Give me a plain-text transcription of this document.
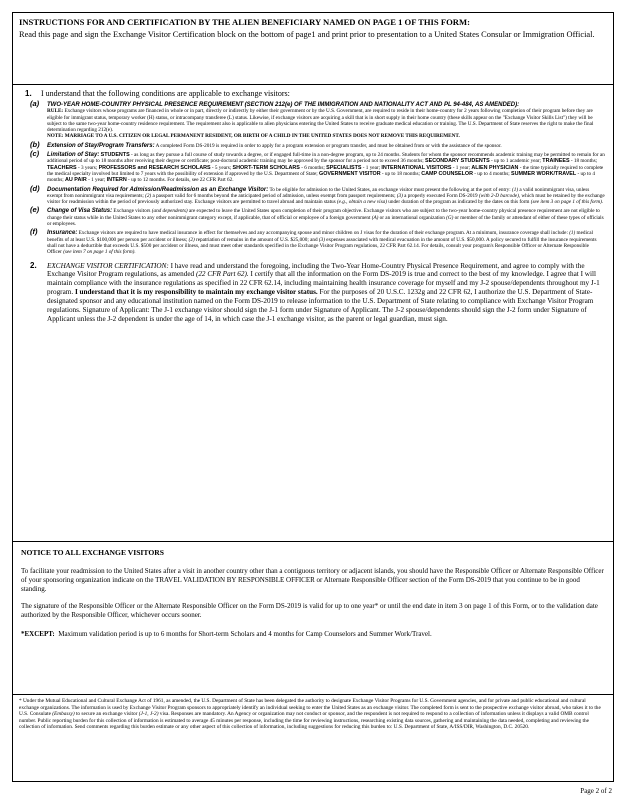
INSTRUCTIONS FOR AND CERTIFICATION BY THE ALIEN BENEFICIARY NAMED ON PAGE 1 OF THIS FORM:
Read this page and sign the Exchange Visitor Certification block on the bottom of page1 and print prior to presentation to a United States Consular or Immigration Official.
1. I understand that the following conditions are applicable to exchange visitors:
(a) TWO-YEAR HOME-COUNTRY PHYSICAL PRESENCE REQUIREMENT (SECTION 212(e) OF THE IMMIGRATION AND NATIONALITY ACT AND PL 94-484, AS AMENDED):
RULE: Exchange visitors whose programs are financed in whole or in part, directly or indirectly by either their government or by the U.S. Government, are required to reside in their home-country for 2 years following completion of their program before they are eligible for immigrant status, temporary worker (H) status, or intracompany transferee (L) status. Likewise, if exchange visitors are acquiring a skill that is in short supply in their home country (these skills appear on the "Exchange Visitor Skills List") they will be subject to the same two-year home-country residence requirement. The requirement also is applicable to alien physicians entering the United States to receive graduate medical education or training. The U.S. Department of State reserves the right to make the final determination regarding 212(e).
NOTE: MARRIAGE TO A U.S. CITIZEN OR LEGAL PERMANENT RESIDENT, OR BIRTH OF A CHILD IN THE UNITED STATES DOES NOT REMOVE THIS REQUIREMENT.
(b) Extension of Stay/Program Transfers: A completed Form DS-2019 is required in order to apply for a program extension or program transfer, and must be obtained from or with the assistance of the sponsor.
(c) Limitation of Stay: STUDENTS - as long as they pursue a full course of study towards a degree, or if engaged full-time in a non-degree program, up to 24 months. Students for whom the sponsor recommends academic training may be permitted to remain for an additional period of up to 18 months after receiving their degree or certificate; post-doctoral academic training may be approved by the sponsor for a period not to exceed 36 months; SECONDARY STUDENTS - up to 1 academic year; TRAINEES - 18 months; TEACHERS - 3 years; PROFESSORS and RESEARCH SCHOLARS - 5 years; SHORT-TERM SCHOLARS - 6 months; SPECIALISTS - 1 year; INTERNATIONAL VISITORS - 1 year; ALIEN PHYSICIAN - the time typically required to complete the medical specialty involved but limited to 7 years with the possibility of extension if approved by the U.S. Department of State; GOVERNMENT VISITOR - up to 18 months; CAMP COUNSELOR - up to 4 months; SUMMER WORK/TRAVEL - up to 4 months; AU PAIR - 1 year; INTERN - up to 12 months. For details, see 22 CFR Part 62.
(d) Documentation Required for Admission/Readmission as an Exchange Visitor: To be eligible for admission to the United States, an exchange visitor must present the following at the port of entry: (1) a valid nonimmigrant visa, unless exempt from nonimmigrant visa requirements; (2) a passport valid for 6 months beyond the anticipated period of admission, unless exempt from passport requirements; (3) a properly executed Form DS-2019 (with 2-D barcode), which must be retained by the exchange visitor for readmission within the period of previously authorized stay. Exchange visitors are permitted to travel abroad and maintain status (e.g., obtain a new visa) under duration of the program as indicated by the dates on this form (see item 3 on page 1 of this form).
(e) Change of Visa Status: Exchange visitors (and dependents) are expected to leave the United States upon completion of their program objective. Exchange visitors who are subject to the two-year home-country physical presence requirement are not eligible to change their status while in the United States to any other nonimmigrant category except, if applicable, that of official or employee of a foreign government (A) or an international organization (G) or member of the family or attendant of either of these types of officials or employees.
(f) Insurance: Exchange visitors are required to have medical insurance in effect for themselves and any accompanying spouse and minor children on J visas for the duration of their exchange program. At a minimum, insurance coverage shall include: (1) medical benefits of at least U.S. $100,000 per person per accident or illness; (2) repatriation of remains in the amount of U.S. $25,000; and (3) expenses associated with medical evacuation in the amount of U.S. $50,000. A policy secured to fulfill the insurance requirements shall not have a deductible that exceeds U.S. $500 per accident or illness, and must meet other standards specified in the Exchange Visitor Program regulations, 22 CFR Part 62.14. For details, consult your program's Responsible Officer or Alternate Responsible Officer (see item 7 on page 1 of this form).
2. EXCHANGE VISITOR CERTIFICATION: I have read and understand the foregoing, including the Two-Year Home-Country Physical Presence Requirement, and agree to comply with the Exchange Visitor Program regulations, as amended (22 CFR Part 62). I certify that all the information on the Form DS-2019 is true and correct to the best of my knowledge. I agree that I will maintain compliance with the insurance regulations as specified in 22 CFR 62.14, including maintaining health insurance coverage for myself and my J-2 spouse/dependents throughout my J-1 program. I understand that it is my responsibility to maintain my exchange visitor status. For the purposes of 20 U.S.C. 1232g and 22 CFR 62, I authorize the U.S. Department of State-designated sponsor and any educational institution named on the Form DS-2019 to release information to the U.S. Department of State relating to compliance with Exchange Visitor Program regulations. Signature of Applicant: The J-1 exchange visitor should sign the J-1 form under Signature of Applicant. The J-2 spouse/dependents should sign the J-2 form under Signature of Applicant unless the J-2 dependent is under the age of 14, in which case the J-1 exchange visitor, as the parent or legal guardian, must sign.
NOTICE TO ALL EXCHANGE VISITORS
To facilitate your readmission to the United States after a visit in another country other than a contiguous territory or adjacent islands, you should have the Responsible Officer or Alternate Responsible Officer of your sponsoring organization indicate on the TRAVEL VALIDATION BY RESPONSIBLE OFFICER or Alternate Responsible Officer section of the Form DS-2019 that you continue to be in good standing.
The signature of the Responsible Officer or the Alternate Responsible Officer on the Form DS-2019 is valid for up to one year* or until the end date in item 3 on page 1 of this Form, or to the validation date authorized by the Responsible Officer, whichever occurs sooner.
*EXCEPT: Maximum validation period is up to 6 months for Short-term Scholars and 4 months for Camp Counselors and Summer Work/Travel.
* Under the Mutual Educational and Cultural Exchange Act of 1961, as amended, the U.S. Department of State has been delegated the authority to designate Exchange Visitor Programs for U.S. Government agencies, and for private and public educational and cultural exchange organizations. The information is used by Exchange Visitor Program sponsors to appropriately identify an individual seeking to enter the United States as an exchange visitor. The completed form is sent to the prospective exchange visitor abroad, who takes it to the U.S. Consulate (Embassy) to secure an exchange visitor (J-1, J-2) visa. Responses are mandatory. An Agency or organization may not conduct or sponsor, and the respondent is not required to respond to a collection of information unless it displays a valid OMB control number. Public reporting burden for this collection of information is estimated to average 45 minutes per response, including the time for reviewing instructions, researching existing data sources, gathering and maintaining the data needed, completing and reviewing the collection of information. Send comments regarding this burden estimate or any other aspect of this collection of information, including suggestions for reducing this burden to: U.S. Department of State, A/ISS/DIR, Washington, D.C. 20520.
Page 2 of 2
